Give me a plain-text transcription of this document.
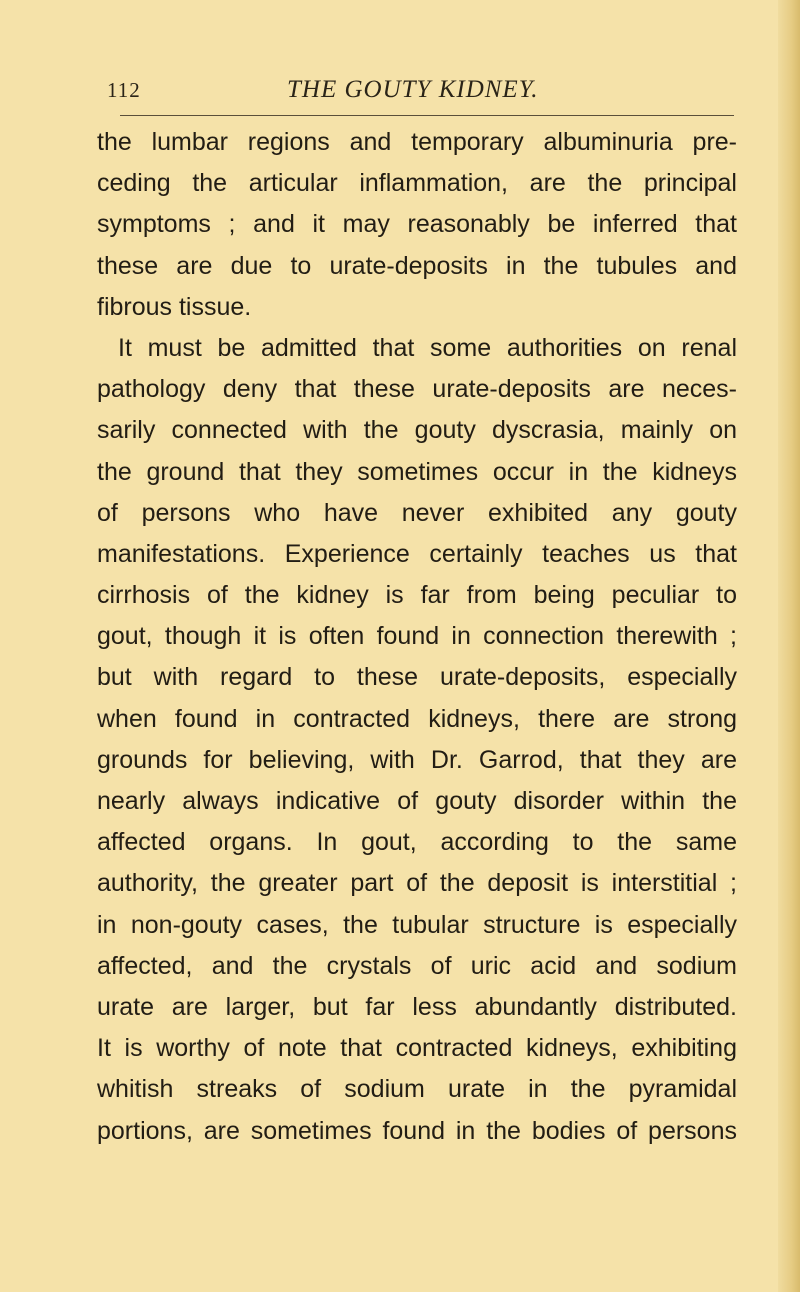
112	THE GOUTY KIDNEY.
the lumbar regions and temporary albuminuria pre-
ceding the articular inflammation, are the principal
symptoms ; and it may reasonably be inferred that
these are due to urate-deposits in the tubules and
fibrous tissue.
It must be admitted that some authorities on renal
pathology deny that these urate-deposits are neces-
sarily connected with the gouty dyscrasia, mainly on
the ground that they sometimes occur in the kidneys
of persons who have never exhibited any gouty
manifestations. Experience certainly teaches us that
cirrhosis of the kidney is far from being peculiar to
gout, though it is often found in connection therewith ;
but with regard to these urate-deposits, especially
when found in contracted kidneys, there are strong
grounds for believing, with Dr. Garrod, that they are
nearly always indicative of gouty disorder within the
affected organs. In gout, according to the same
authority, the greater part of the deposit is interstitial ;
in non-gouty cases, the tubular structure is especially
affected, and the crystals of uric acid and sodium
urate are larger, but far less abundantly distributed.
It is worthy of note that contracted kidneys, exhibiting
whitish streaks of sodium urate in the pyramidal
portions, are sometimes found in the bodies of persons
